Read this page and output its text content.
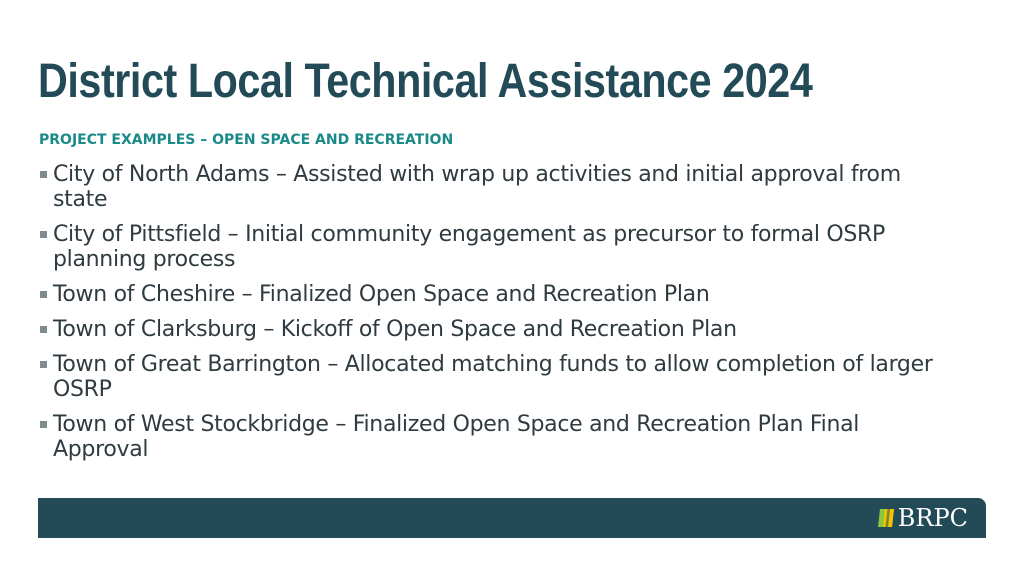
District Local Technical Assistance 2024
PROJECT EXAMPLES – OPEN SPACE AND RECREATION
City of North Adams – Assisted with wrap up activities and initial approval from state
City of Pittsfield – Initial community engagement as precursor to formal OSRP planning process
Town of Cheshire – Finalized Open Space and Recreation Plan
Town of Clarksburg – Kickoff of Open Space and Recreation Plan
Town of Great Barrington – Allocated matching funds to allow completion of larger OSRP
Town of West Stockbridge – Finalized Open Space and Recreation Plan Final Approval
BRPC
